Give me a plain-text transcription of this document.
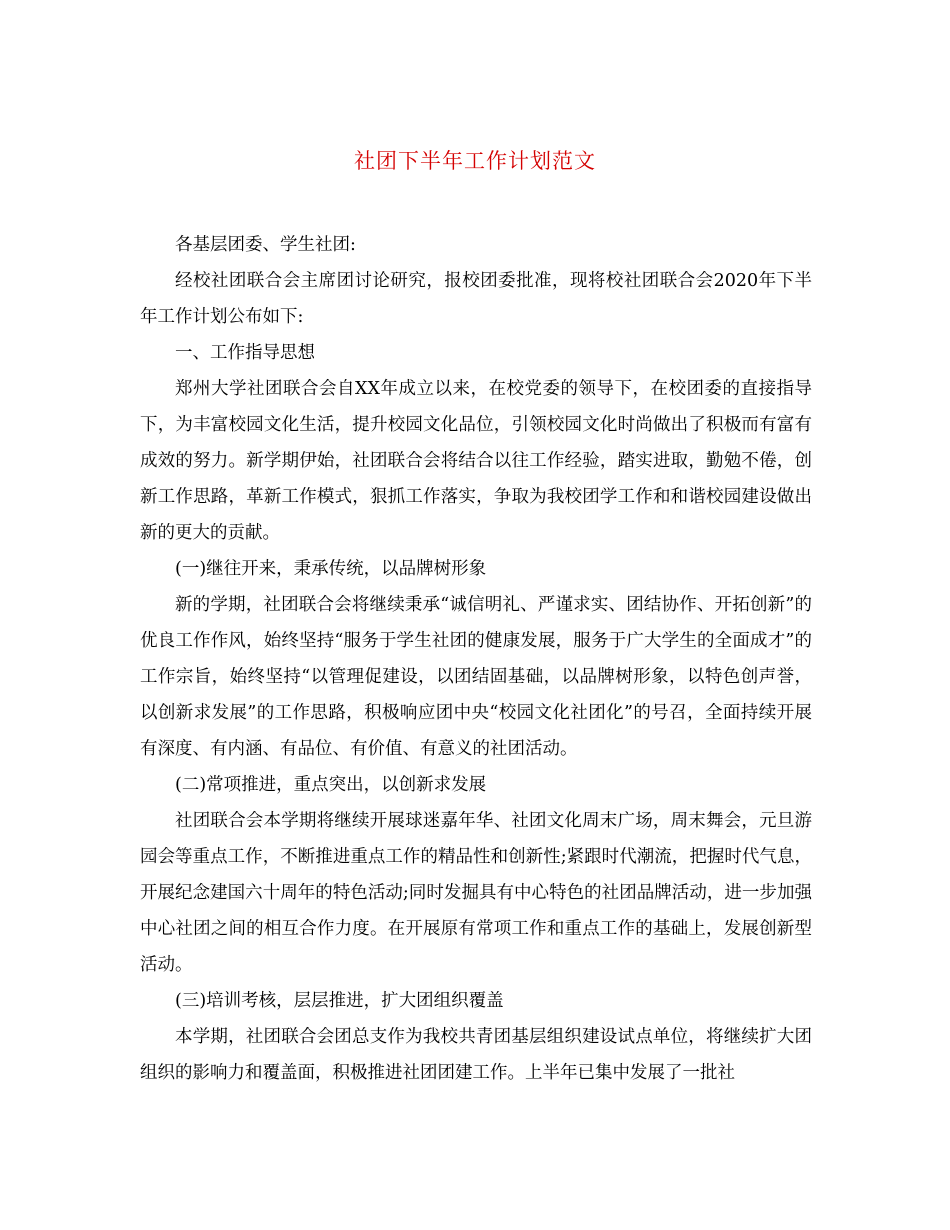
社团下半年工作计划范文

各基层团委、学生社团:

经校社团联合会主席团讨论研究，报校团委批准，现将校社团联合会2020年下半年工作计划公布如下:

一、工作指导思想

郑州大学社团联合会自XX年成立以来，在校党委的领导下，在校团委的直接指导下，为丰富校园文化生活，提升校园文化品位，引领校园文化时尚做出了积极而有富有成效的努力。新学期伊始，社团联合会将结合以往工作经验，踏实进取，勤勉不倦，创新工作思路，革新工作模式，狠抓工作落实，争取为我校团学工作和和谐校园建设做出新的更大的贡献。

(一)继往开来，秉承传统，以品牌树形象

新的学期，社团联合会将继续秉承“诚信明礼、严谨求实、团结协作、开拓创新”的优良工作作风，始终坚持“服务于学生社团的健康发展，服务于广大学生的全面成才”的工作宗旨，始终坚持“以管理促建设，以团结固基础，以品牌树形象，以特色创声誉，以创新求发展”的工作思路，积极响应团中央“校园文化社团化”的号召，全面持续开展有深度、有内涵、有品位、有价值、有意义的社团活动。

(二)常项推进，重点突出，以创新求发展

社团联合会本学期将继续开展球迷嘉年华、社团文化周末广场，周末舞会，元旦游园会等重点工作，不断推进重点工作的精品性和创新性;紧跟时代潮流，把握时代气息，开展纪念建国六十周年的特色活动;同时发掘具有中心特色的社团品牌活动，进一步加强中心社团之间的相互合作力度。在开展原有常项工作和重点工作的基础上，发展创新型活动。

(三)培训考核，层层推进，扩大团组织覆盖

本学期，社团联合会团总支作为我校共青团基层组织建设试点单位，将继续扩大团组织的影响力和覆盖面，积极推进社团团建工作。上半年已集中发展了一批社
